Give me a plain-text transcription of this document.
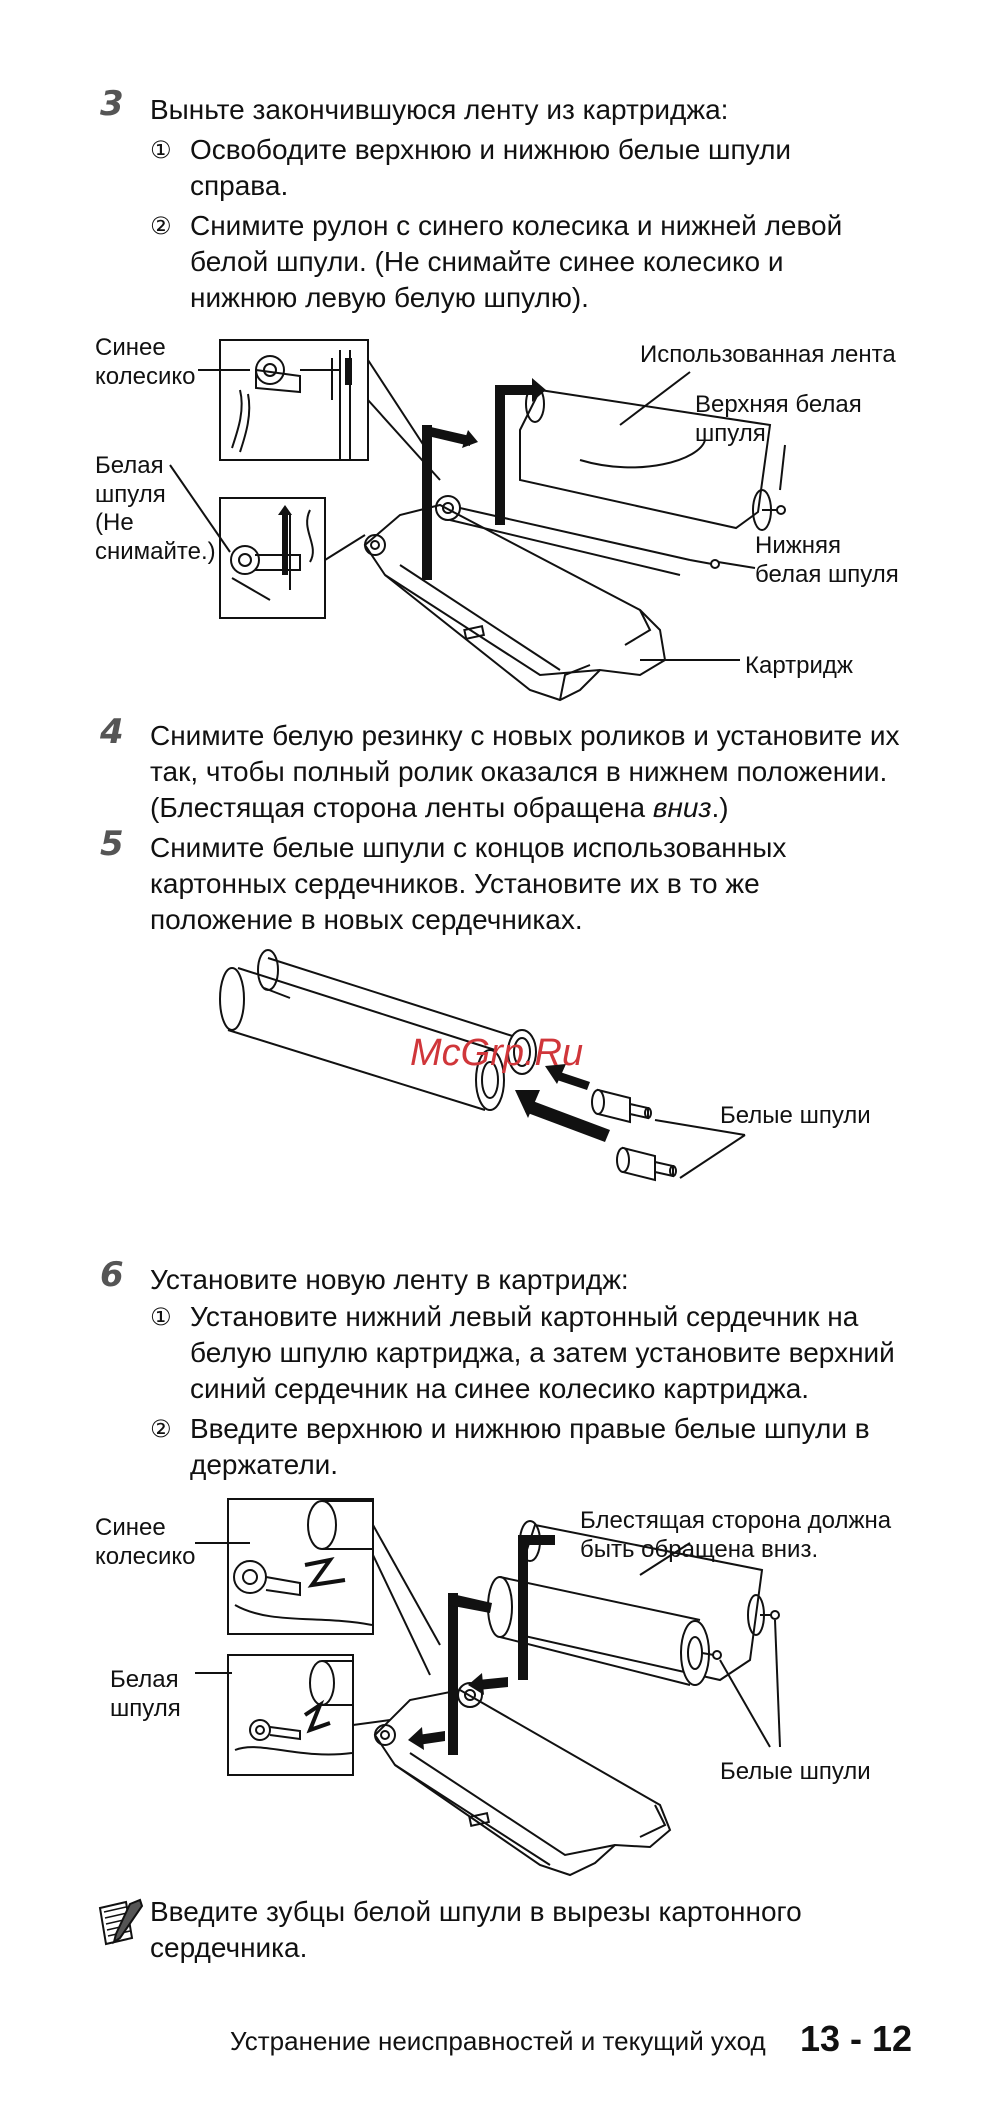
3 Выньте закончившуюся ленту из картриджа:
① Освободите верхнюю и нижнюю белые шпули
справа.
② Снимите рулон с синего колесика и нижней левой
белой шпули. (Не снимайте синее колесико и
нижнюю левую белую шпулю).
Синее
колесико
Белая
шпуля
(Не
снимайте.)
Использованная лента
Верхняя белая
шпуля
Нижняя
белая шпуля
Картридж
4 Снимите белую резинку с новых роликов и установите их
так, чтобы полный ролик оказался в нижнем положении.
(Блестящая сторона ленты обращена вниз.)
5 Снимите белые шпули с концов использованных
картонных сердечников. Установите их в то же
положение в новых сердечниках.
McGrp.Ru
Белые шпули
6 Установите новую ленту в картридж:
① Установите нижний левый картонный сердечник на
белую шпулю картриджа, а затем установите верхний
синий сердечник на синее колесико картриджа.
② Введите верхнюю и нижнюю правые белые шпули в
держатели.
Синее
колесико
Белая
шпуля
Блестящая сторона должна
быть обращена вниз.
Белые шпули
Введите зубцы белой шпули в вырезы картонного
сердечника.
Устранение неисправностей и текущий уход 13 - 12
